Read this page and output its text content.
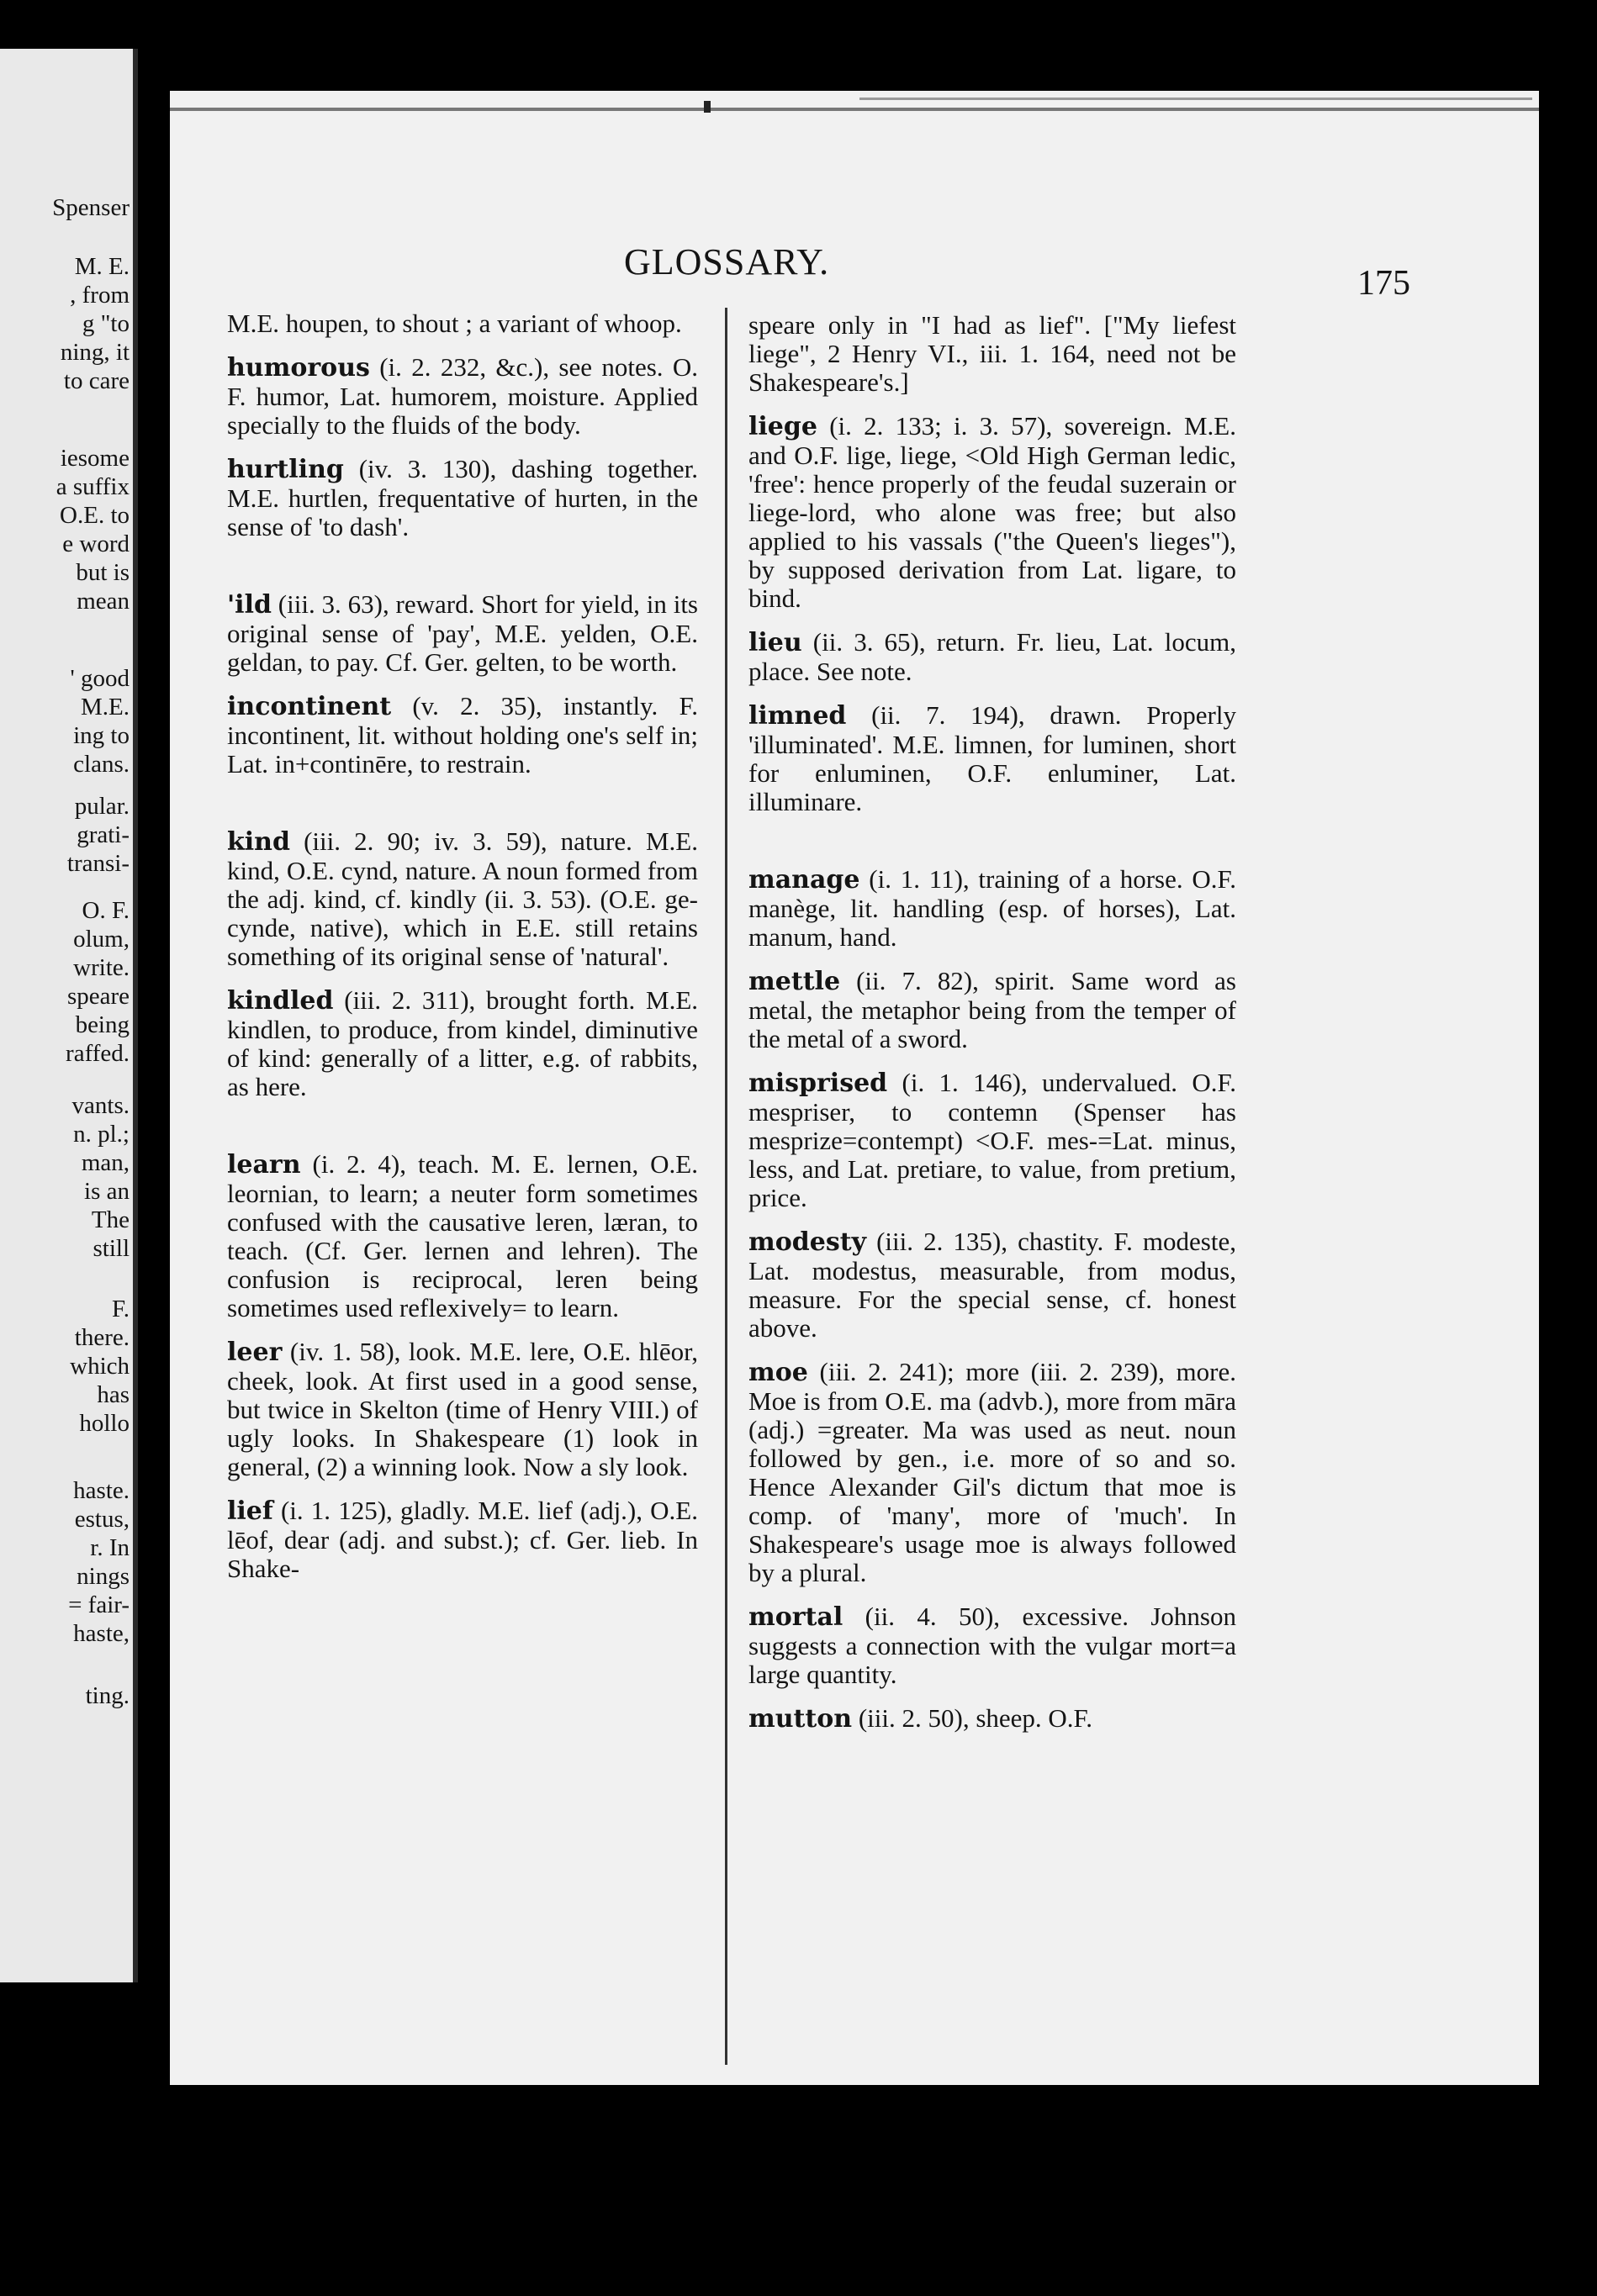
Spenser
M. E.
, from
g "to
ning, it
to care
iesome
a suffix
O.E. to
e word
but is
mean
' good
M.E.
ing to
clans.
pular.
grati-
transi-
O. F.
olum,
write.
speare
being
raffed.
vants.
n. pl.;
man,
is an
The
still
F.
there.
which
has
hollo
haste.
estus,
r. In
nings
= fair-
haste,
ting.
GLOSSARY.
175
M.E. houpen, to shout ; a variant of whoop.
humorous (i. 2. 232, &c.), see notes. O. F. humor, Lat. humorem, moisture. Applied specially to the fluids of the body.
hurtling (iv. 3. 130), dashing together. M.E. hurtlen, frequentative of hurten, in the sense of 'to dash'.
'ild (iii. 3. 63), reward. Short for yield, in its original sense of 'pay', M.E. yelden, O.E. geldan, to pay. Cf. Ger. gelten, to be worth.
incontinent (v. 2. 35), instantly. F. incontinent, lit. without holding one's self in; Lat. in+continēre, to restrain.
kind (iii. 2. 90; iv. 3. 59), nature. M.E. kind, O.E. cynd, nature. A noun formed from the adj. kind, cf. kindly (ii. 3. 53). (O.E. ge-cynde, native), which in E.E. still retains something of its original sense of 'natural'.
kindled (iii. 2. 311), brought forth. M.E. kindlen, to produce, from kindel, diminutive of kind: generally of a litter, e.g. of rabbits, as here.
learn (i. 2. 4), teach. M. E. lernen, O.E. leornian, to learn; a neuter form sometimes confused with the causative leren, læran, to teach. (Cf. Ger. lernen and lehren). The confusion is reciprocal, leren being sometimes used reflexively= to learn.
leer (iv. 1. 58), look. M.E. lere, O.E. hlēor, cheek, look. At first used in a good sense, but twice in Skelton (time of Henry VIII.) of ugly looks. In Shakespeare (1) look in general, (2) a winning look. Now a sly look.
lief (i. 1. 125), gladly. M.E. lief (adj.), O.E. lēof, dear (adj. and subst.); cf. Ger. lieb. In Shake-
speare only in "I had as lief". ["My liefest liege", 2 Henry VI., iii. 1. 164, need not be Shakespeare's.]
liege (i. 2. 133; i. 3. 57), sovereign. M.E. and O.F. lige, liege, <Old High German ledic, 'free': hence properly of the feudal suzerain or liege-lord, who alone was free; but also applied to his vassals ("the Queen's lieges"), by supposed derivation from Lat. ligare, to bind.
lieu (ii. 3. 65), return. Fr. lieu, Lat. locum, place. See note.
limned (ii. 7. 194), drawn. Properly 'illuminated'. M.E. limnen, for luminen, short for enluminen, O.F. enluminer, Lat. illuminare.
manage (i. 1. 11), training of a horse. O.F. manège, lit. handling (esp. of horses), Lat. manum, hand.
mettle (ii. 7. 82), spirit. Same word as metal, the metaphor being from the temper of the metal of a sword.
misprised (i. 1. 146), undervalued. O.F. mespriser, to contemn (Spenser has mesprize=contempt) <O.F. mes-=Lat. minus, less, and Lat. pretiare, to value, from pretium, price.
modesty (iii. 2. 135), chastity. F. modeste, Lat. modestus, measurable, from modus, measure. For the special sense, cf. honest above.
moe (iii. 2. 241); more (iii. 2. 239), more. Moe is from O.E. ma (advb.), more from māra (adj.) =greater. Ma was used as neut. noun followed by gen., i.e. more of so and so. Hence Alexander Gil's dictum that moe is comp. of 'many', more of 'much'. In Shakespeare's usage moe is always followed by a plural.
mortal (ii. 4. 50), excessive. Johnson suggests a connection with the vulgar mort=a large quantity.
mutton (iii. 2. 50), sheep. O.F.
